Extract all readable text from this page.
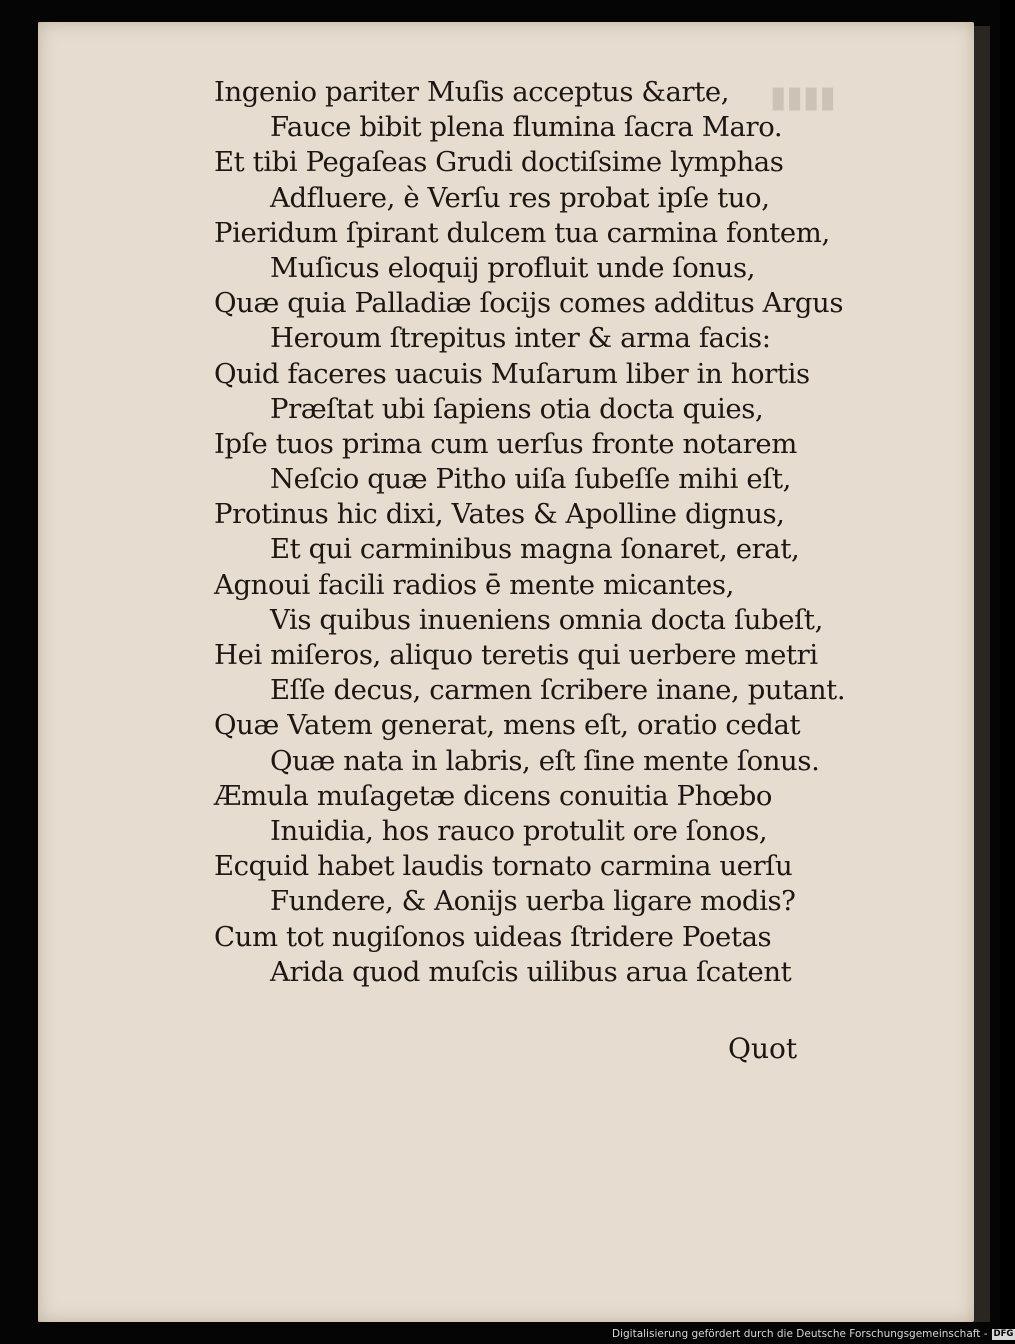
Ingenio pariter Muſis acceptus &arte,
Fauce bibit plena flumina ſacra Maro.
Et tibi Pegaſeas Grudi doctiſsime lymphas
Adfluere, è Verſu res probat ipſe tuo,
Pieridum ſpirant dulcem tua carmina fontem,
Muſicus eloquij profluit unde ſonus,
Quæ quia Palladiæ ſocijs comes additus Argus
Heroum ſtrepitus inter & arma facis:
Quid faceres uacuis Muſarum liber in hortis
Præſtat ubi ſapiens otia docta quies,
Ipſe tuos prima cum uerſus fronte notarem
Neſcio quæ Pitho uiſa ſubeſſe mihi eſt,
Protinus hic dixi, Vates & Apolline dignus,
Et qui carminibus magna ſonaret, erat,
Agnoui facili radios ē mente micantes,
Vis quibus inueniens omnia docta ſubeſt,
Hei miſeros, aliquo teretis qui uerbere metri
Eſſe decus, carmen ſcribere inane, putant.
Quæ Vatem generat, mens eſt, oratio cedat
Quæ nata in labris, eſt ſine mente ſonus.
Æmula muſagetæ dicens conuitia Phœbo
Inuidia, hos rauco protulit ore ſonos,
Ecquid habet laudis tornato carmina uerſu
Fundere, & Aonijs uerba ligare modis?
Cum tot nugiſonos uideas ſtridere Poetas
Arida quod muſcis uilibus arua ſcatent
Quot
Digitalisierung gefördert durch die Deutsche Forschungsgemeinschaft - DFG
